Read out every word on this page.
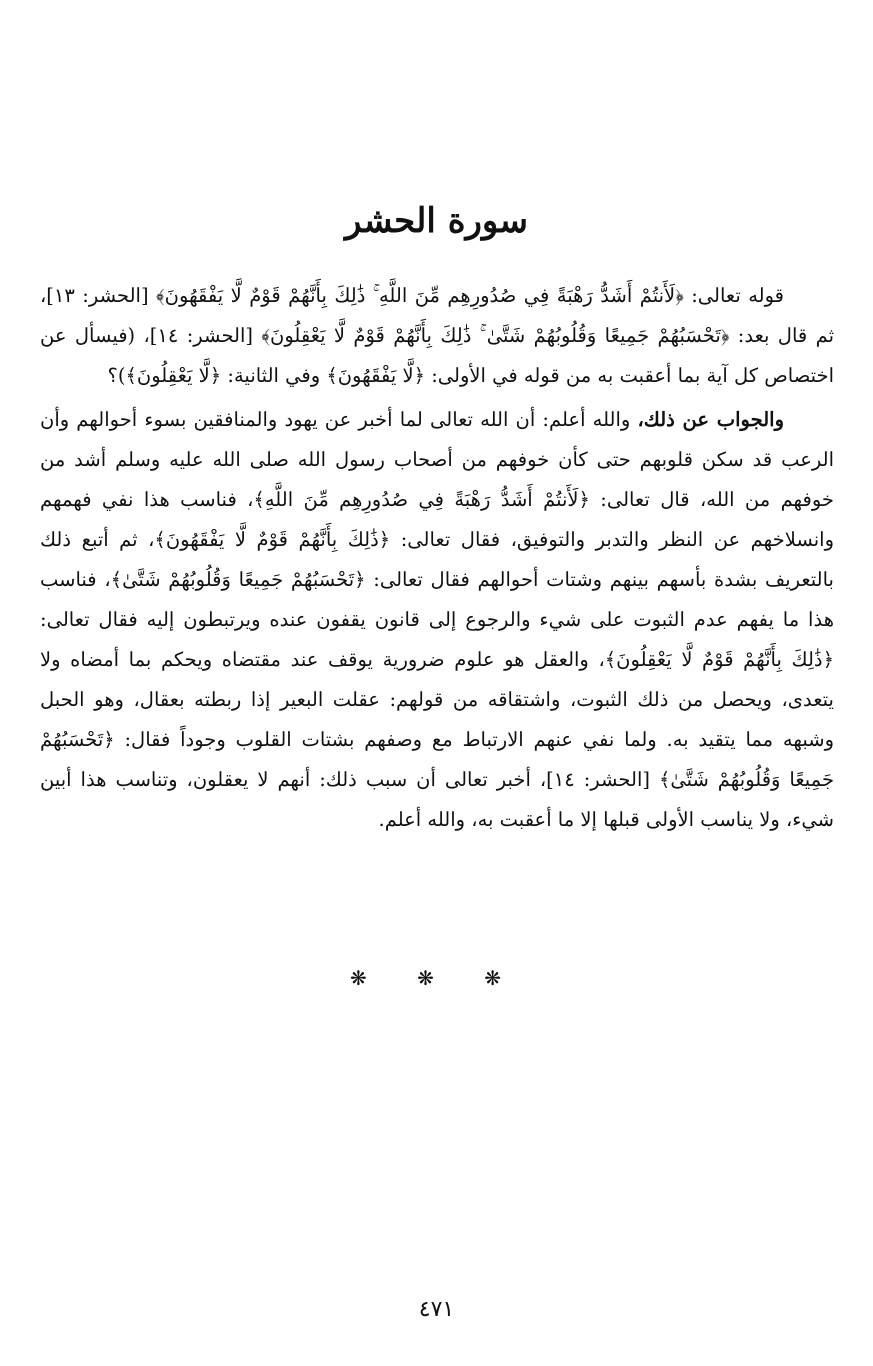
سورة الحشر

قوله تعالى: ﴿لَأَنتُمْ أَشَدُّ رَهْبَةً فِي صُدُورِهِم مِّنَ اللَّهِ ۚ ذَٰلِكَ بِأَنَّهُمْ قَوْمٌ لَّا يَفْقَهُونَ﴾ [الحشر: ١٣]، ثم قال بعد: ﴿تَحْسَبُهُمْ جَمِيعًا وَقُلُوبُهُمْ شَتَّىٰ ۚ ذَٰلِكَ بِأَنَّهُمْ قَوْمٌ لَّا يَعْقِلُونَ﴾ [الحشر: ١٤]، (فيسأل عن اختصاص كل آية بما أعقبت به من قوله في الأولى: ﴿لَّا يَفْقَهُونَ﴾ وفي الثانية: ﴿لَّا يَعْقِلُونَ﴾)؟

والجواب عن ذلك، والله أعلم: أن الله تعالى لما أخبر عن يهود والمنافقين بسوء أحوالهم وأن الرعب قد سكن قلوبهم حتى كأن خوفهم من أصحاب رسول الله صلى الله عليه وسلم أشد من خوفهم من الله، قال تعالى: ﴿لَأَنتُمْ أَشَدُّ رَهْبَةً فِي صُدُورِهِم مِّنَ اللَّهِ﴾، فناسب هذا نفي فهمهم وانسلاخهم عن النظر والتدبر والتوفيق، فقال تعالى: ﴿ذَٰلِكَ بِأَنَّهُمْ قَوْمٌ لَّا يَفْقَهُونَ﴾، ثم أتبع ذلك بالتعريف بشدة بأسهم بينهم وشتات أحوالهم فقال تعالى: ﴿تَحْسَبُهُمْ جَمِيعًا وَقُلُوبُهُمْ شَتَّىٰ﴾، فناسب هذا ما يفهم عدم الثبوت على شيء والرجوع إلى قانون يقفون عنده ويرتبطون إليه فقال تعالى: ﴿ذَٰلِكَ بِأَنَّهُمْ قَوْمٌ لَّا يَعْقِلُونَ﴾، والعقل هو علوم ضرورية يوقف عند مقتضاه ويحكم بما أمضاه ولا يتعدى، ويحصل من ذلك الثبوت، واشتقاقه من قولهم: عقلت البعير إذا ربطته بعقال، وهو الحبل وشبهه مما يتقيد به. ولما نفي عنهم الارتباط مع وصفهم بشتات القلوب وجوداً فقال: ﴿تَحْسَبُهُمْ جَمِيعًا وَقُلُوبُهُمْ شَتَّىٰ﴾ [الحشر: ١٤]، أخبر تعالى أن سبب ذلك: أنهم لا يعقلون، وتناسب هذا أبين شيء، ولا يناسب الأولى قبلها إلا ما أعقبت به، والله أعلم.

❋ ❋ ❋
٤٧١
